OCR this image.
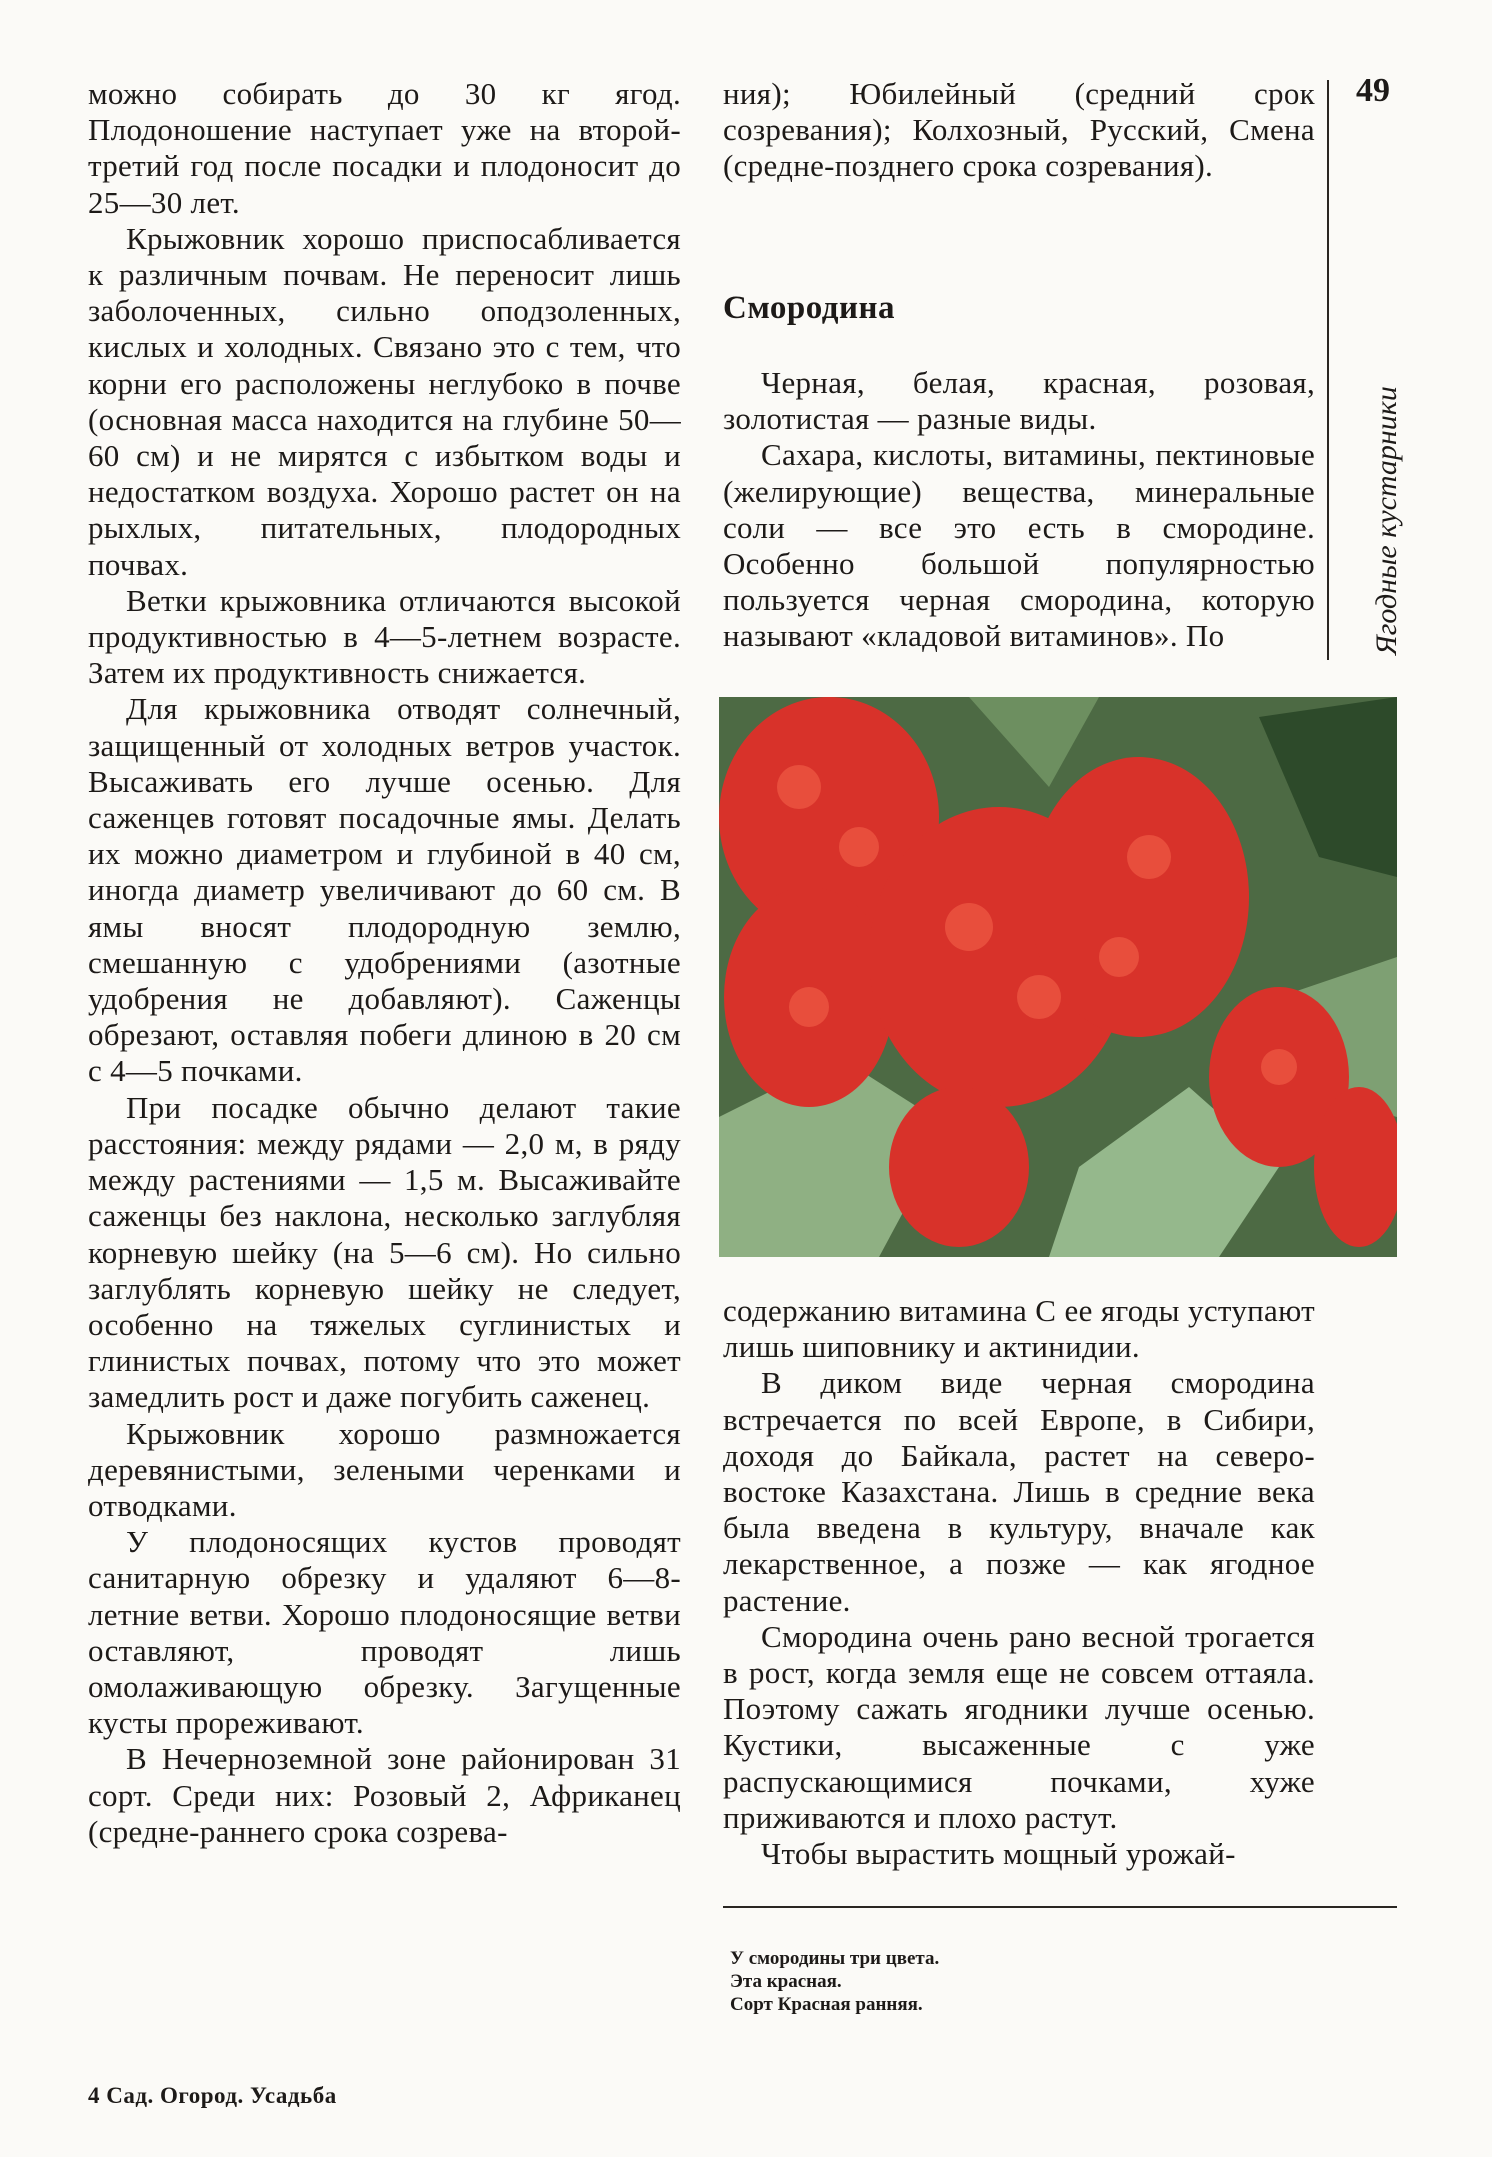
можно собирать до 30 кг ягод. Плодоношение наступает уже на второй-третий год после посадки и плодоносит до 25—30 лет.

Крыжовник хорошо приспосабливается к различным почвам. Не переносит лишь заболоченных, сильно оподзоленных, кислых и холодных. Связано это с тем, что корни его расположены неглубоко в почве (основная масса находится на глубине 50—60 см) и не мирятся с избытком воды и недостатком воздуха. Хорошо растет он на рыхлых, питательных, плодородных почвах.

Ветки крыжовника отличаются высокой продуктивностью в 4—5-летнем возрасте. Затем их продуктивность снижается.

Для крыжовника отводят солнечный, защищенный от холодных ветров участок. Высаживать его лучше осенью. Для саженцев готовят посадочные ямы. Делать их можно диаметром и глубиной в 40 см, иногда диаметр увеличивают до 60 см. В ямы вносят плодородную землю, смешанную с удобрениями (азотные удобрения не добавляют). Саженцы обрезают, оставляя побеги длиною в 20 см с 4—5 почками.

При посадке обычно делают такие расстояния: между рядами — 2,0 м, в ряду между растениями — 1,5 м. Высаживайте саженцы без наклона, несколько заглубляя корневую шейку (на 5—6 см). Но сильно заглублять корневую шейку не следует, особенно на тяжелых суглинистых и глинистых почвах, потому что это может замедлить рост и даже погубить саженец.

Крыжовник хорошо размножается деревянистыми, зелеными черенками и отводками.

У плодоносящих кустов проводят санитарную обрезку и удаляют 6—8-летние ветви. Хорошо плодоносящие ветви оставляют, проводят лишь омолаживающую обрезку. Загущенные кусты прореживают.

В Нечерноземной зоне районирован 31 сорт. Среди них: Розовый 2, Африканец (средне-раннего срока созрева-

ния); Юбилейный (средний срок созревания); Колхозный, Русский, Смена (средне-позднего срока созревания).

Смородина

Черная, белая, красная, розовая, золотистая — разные виды.

Сахара, кислоты, витамины, пектиновые (желирующие) вещества, минеральные соли — все это есть в смородине. Особенно большой популярностью пользуется черная смородина, которую называют «кладовой витаминов». По

49
Ягодные кустарники

содержанию витамина С ее ягоды уступают лишь шиповнику и актинидии.

В диком виде черная смородина встречается по всей Европе, в Сибири, доходя до Байкала, растет на северо-востоке Казахстана. Лишь в средние века была введена в культуру, вначале как лекарственное, а позже — как ягодное растение.

Смородина очень рано весной трогается в рост, когда земля еще не совсем оттаяла. Поэтому сажать ягодники лучше осенью. Кустики, высаженные с уже распускающимися почками, хуже приживаются и плохо растут.

Чтобы вырастить мощный урожай-

У смородины три цвета.
Эта красная.
Сорт Красная ранняя.
4 Сад. Огород. Усадьба
